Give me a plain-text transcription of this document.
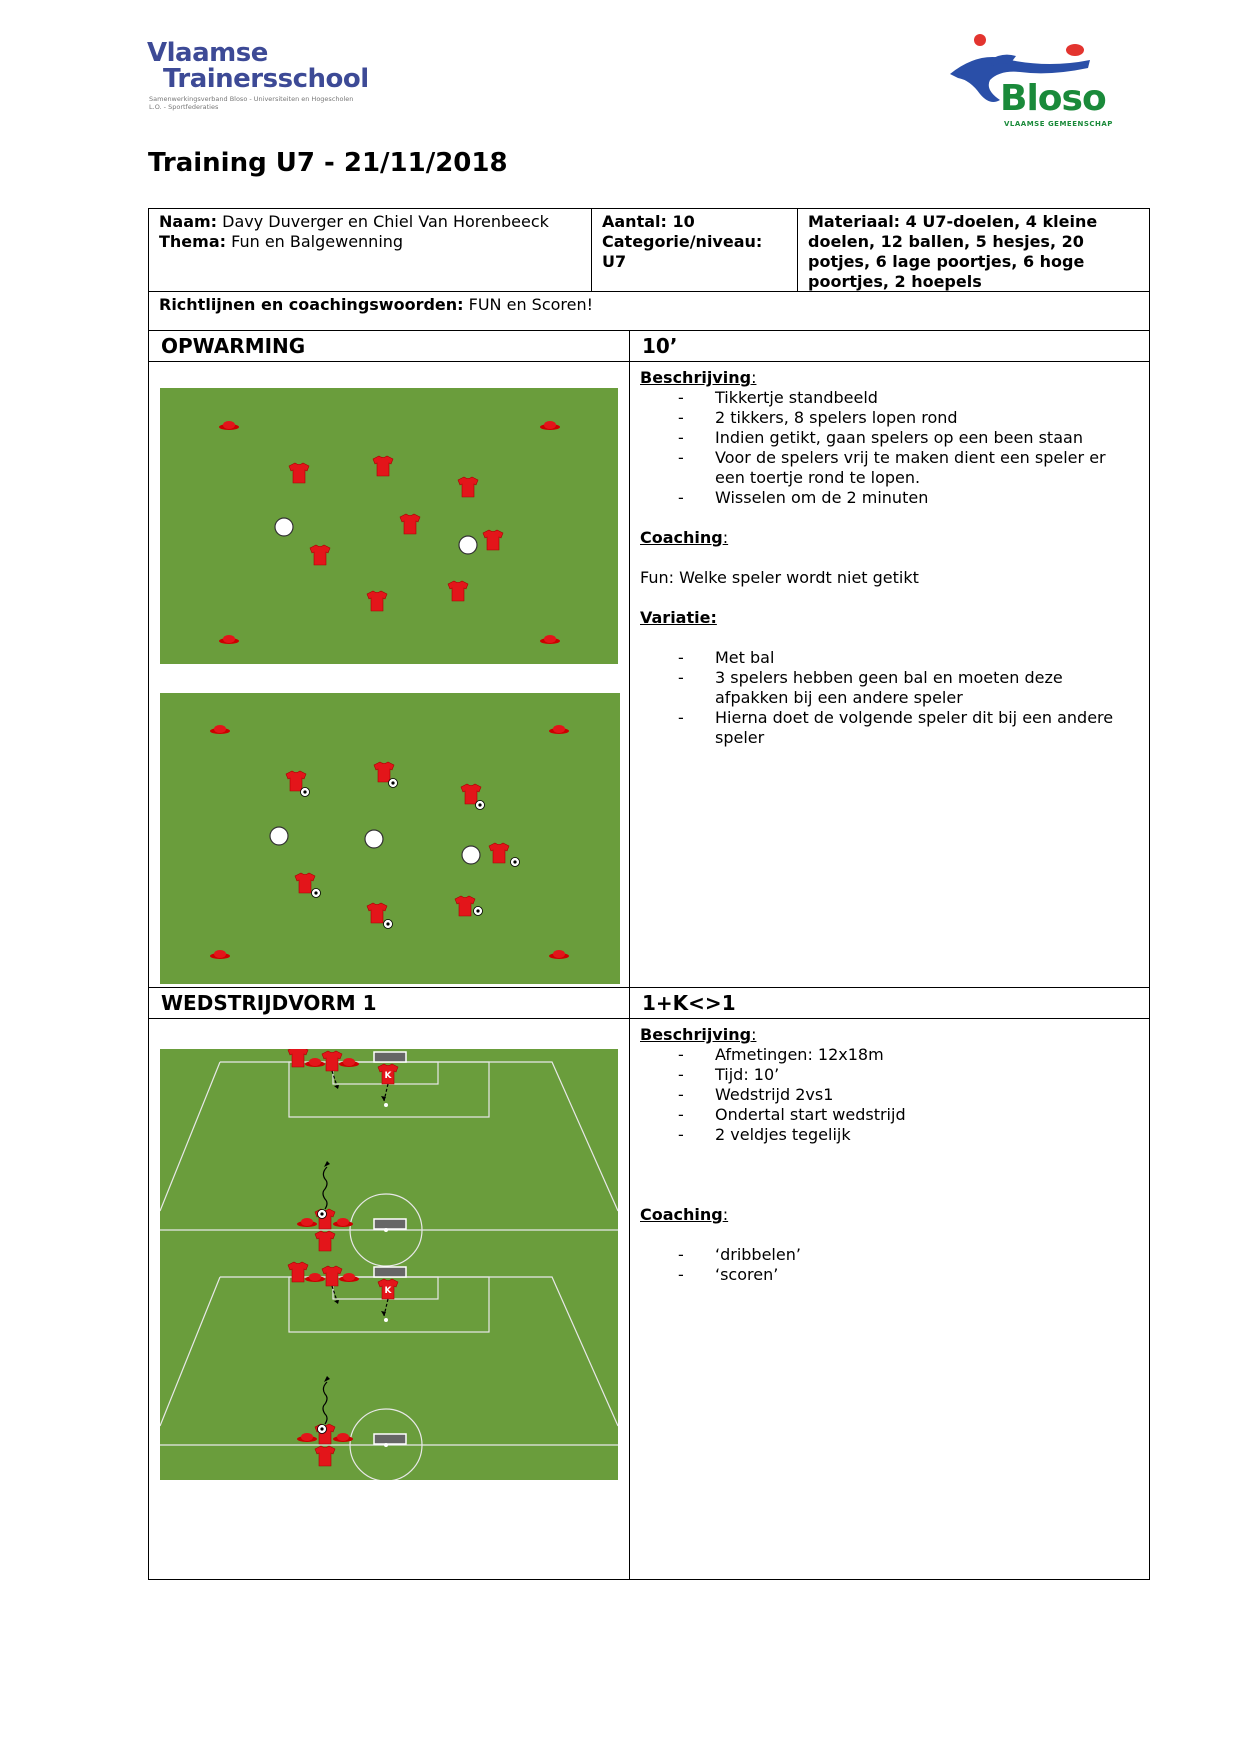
Vlaamse
Trainersschool
Samenwerkingsverband Bloso - Universiteiten en Hogescholen L.O. - Sportfederaties	Bloso
VLAAMSE GEMEENSCHAP
Training U7 - 21/11/2018
Naam: Davy Duverger en Chiel Van Horenbeeck
Thema: Fun en Balgewenning
Aantal: 10
Categorie/niveau: U7
Materiaal: 4 U7-doelen, 4 kleine doelen, 12 ballen, 5 hesjes, 20 potjes, 6 lage poortjes, 6 hoge poortjes, 2 hoepels
Richtlijnen en coachingswoorden: FUN en Scoren!
OPWARMING	10’
Beschrijving:
- Tikkertje standbeeld
- 2 tikkers, 8 spelers lopen rond
- Indien getikt, gaan spelers op een been staan
- Voor de spelers vrij te maken dient een speler er een toertje rond te lopen.
- Wisselen om de 2 minuten
Coaching:
Fun: Welke speler wordt niet getikt
Variatie:
- Met bal
- 3 spelers hebben geen bal en moeten deze afpakken bij een andere speler
- Hierna doet de volgende speler dit bij een andere speler
WEDSTRIJDVORM 1	1+K<>1
K
K
Beschrijving:
- Afmetingen: 12x18m
- Tijd: 10’
- Wedstrijd 2vs1
- Ondertal start wedstrijd
- 2 veldjes tegelijk
Coaching:
- ‘dribbelen’
- ‘scoren’
